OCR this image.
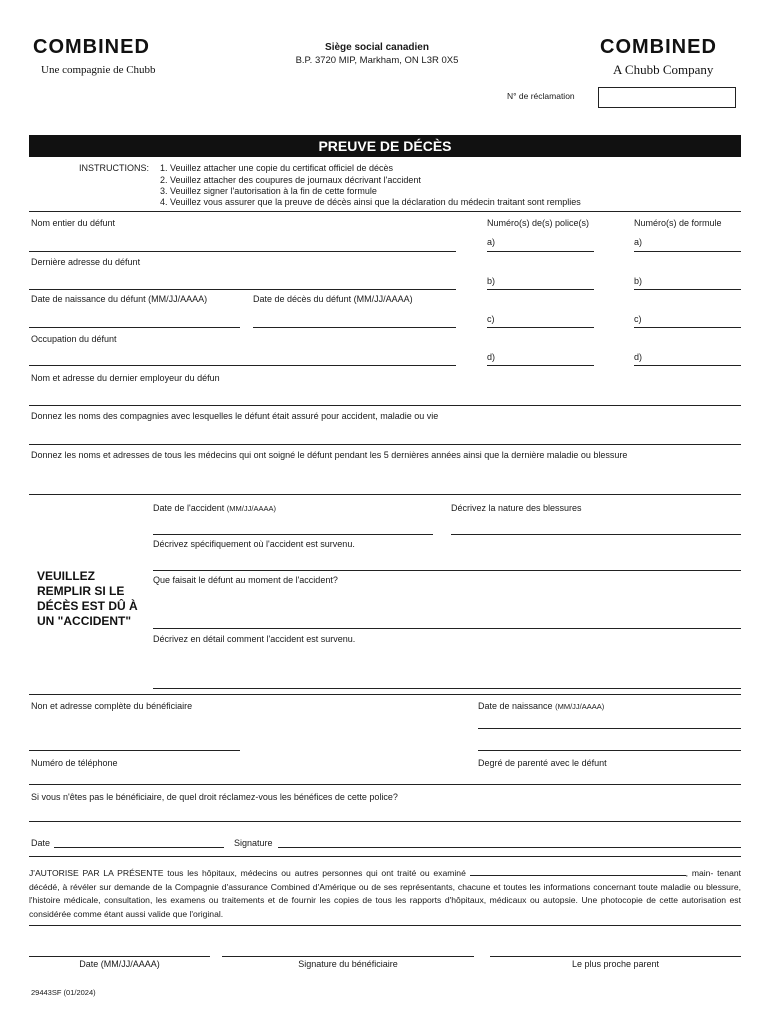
COMBINED
Une compagnie de Chubb
Siège social canadien
B.P. 3720 MIP, Markham, ON L3R 0X5
COMBINED
A Chubb Company
N° de réclamation
PREUVE DE DÉCÈS
INSTRUCTIONS: 1. Veuillez attacher une copie du certificat officiel de décès
2. Veuillez attacher des coupures de journaux décrivant l'accident
3. Veuillez signer l'autorisation à la fin de cette formule
4. Veuillez vous assurer que la preuve de décès ainsi que la déclaration du médecin traitant sont remplies
Nom entier du défunt
Dernière adresse du défunt
Date de naissance du défunt (MM/JJ/AAAA)	Date de décès du défunt (MM/JJ/AAAA)
Occupation du défunt
Numéro(s) de(s) police(s)	Numéro(s) de formule
a)	a)
b)	b)
c)	c)
d)	d)
Nom et adresse du dernier employeur du défun
Donnez les noms des compagnies avec lesquelles le défunt était assuré pour accident, maladie ou vie
Donnez les noms et adresses de tous les médecins qui ont soigné le défunt pendant les 5 dernières années ainsi que la dernière maladie ou blessure
VEUILLEZ REMPLIR SI LE DÉCÈS EST DÛ À UN "ACCIDENT"
Date de l'accident (MM/JJ/AAAA)	Décrivez la nature des blessures
Décrivez spécifiquement où l'accident est survenu.
Que faisait le défunt au moment de l'accident?
Décrivez en détail comment l'accident est survenu.
Non et adresse complète du bénéficiaire	Date de naissance (MM/JJ/AAAA)
Numéro de téléphone	Degré de parenté avec le défunt
Si vous n'êtes pas le bénéficiaire, de quel droit réclamez-vous les bénéfices de cette police?
Date	Signature
J'AUTORISE PAR LA PRÉSENTE tous les hôpitaux, médecins ou autres personnes qui ont traité ou examiné	, main- tenant décédé, à révéler sur demande de la Compagnie d'assurance Combined d'Amérique ou de ses représentants, chacune et toutes les informations concernant toute maladie ou blessure, l'histoire médicale, consultation, les examens ou traitements et de fournir les copies de tous les rapports d'hôpitaux, médicaux ou autopsie. Une photocopie de cette autorisation est considérée comme étant aussi valide que l'original.
Date (MM/JJ/AAAA)	Signature du bénéficiaire	Le plus proche parent
29443SF (01/2024)
